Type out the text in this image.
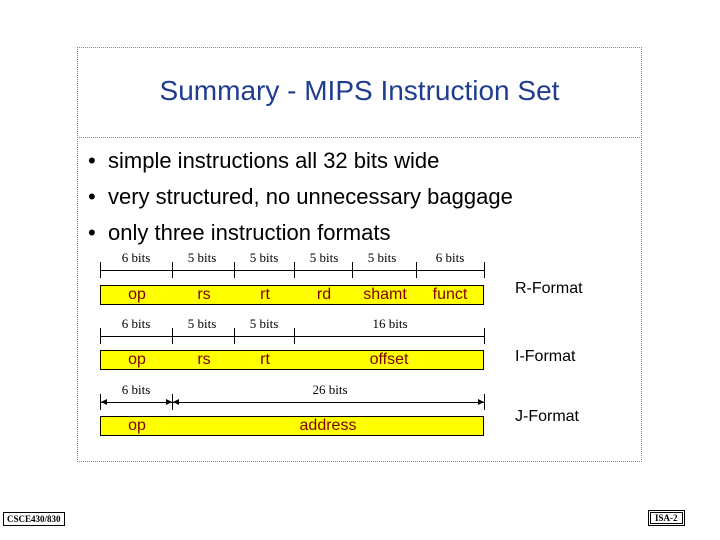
Summary - MIPS Instruction Set
• simple instructions all 32 bits wide
• very structured, no unnecessary baggage
• only three instruction formats
6 bits	5 bits	5 bits	5 bits	5 bits	6 bits
op	rs	rt	rd	shamt	funct	R-Format
6 bits	5 bits	5 bits	16 bits
op	rs	rt	offset	I-Format
6 bits	26 bits
op	address
J-Format
CSCE430/830	ISA-2
